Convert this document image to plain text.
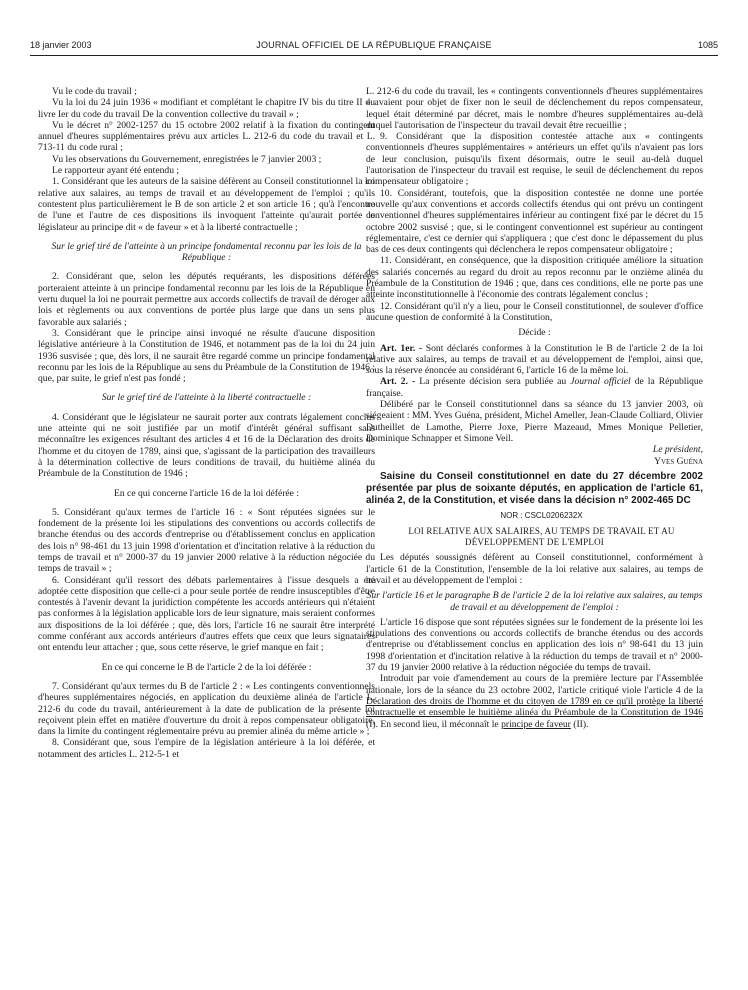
18 janvier 2003	JOURNAL OFFICIEL DE LA RÉPUBLIQUE FRANÇAISE	1085

Vu le code du travail ;

Vu la loi du 24 juin 1936 « modifiant et complétant le chapitre IV bis du titre II du livre Ier du code du travail De la convention collective du travail » ;

Vu le décret n° 2002-1257 du 15 octobre 2002 relatif à la fixation du contingent annuel d'heures supplémentaires prévu aux articles L. 212-6 du code du travail et L. 713-11 du code rural ;

Vu les observations du Gouvernement, enregistrées le 7 janvier 2003 ;

Le rapporteur ayant été entendu ;

1. Considérant que les auteurs de la saisine défèrent au Conseil constitutionnel la loi relative aux salaires, au temps de travail et au développement de l'emploi ; qu'ils contestent plus particulièrement le B de son article 2 et son article 16 ; qu'à l'encontre de l'une et l'autre de ces dispositions ils invoquent l'atteinte qu'aurait portée le législateur au principe dit « de faveur » et à la liberté contractuelle ;

Sur le grief tiré de l'atteinte à un principe fondamental reconnu par les lois de la République :

2. Considérant que, selon les députés requérants, les dispositions déférées porteraient atteinte à un principe fondamental reconnu par les lois de la République en vertu duquel la loi ne pourrait permettre aux accords collectifs de travail de déroger aux lois et règlements ou aux conventions de portée plus large que dans un sens plus favorable aux salariés ;

3. Considérant que le principe ainsi invoqué ne résulte d'aucune disposition législative antérieure à la Constitution de 1946, et notamment pas de la loi du 24 juin 1936 susvisée ; que, dès lors, il ne saurait être regardé comme un principe fondamental reconnu par les lois de la République au sens du Préambule de la Constitution de 1946 ; que, par suite, le grief n'est pas fondé ;

Sur le grief tiré de l'atteinte à la liberté contractuelle :

4. Considérant que le législateur ne saurait porter aux contrats légalement conclus une atteinte qui ne soit justifiée par un motif d'intérêt général suffisant sans méconnaître les exigences résultant des articles 4 et 16 de la Déclaration des droits de l'homme et du citoyen de 1789, ainsi que, s'agissant de la participation des travailleurs à la détermination collective de leurs conditions de travail, du huitième alinéa du Préambule de la Constitution de 1946 ;

En ce qui concerne l'article 16 de la loi déférée :

5. Considérant qu'aux termes de l'article 16 : « Sont réputées signées sur le fondement de la présente loi les stipulations des conventions ou accords collectifs de branche étendus ou des accords d'entreprise ou d'établissement conclus en application des lois n° 98-461 du 13 juin 1998 d'orientation et d'incitation relative à la réduction du temps de travail et n° 2000-37 du 19 janvier 2000 relative à la réduction négociée du temps de travail » ;

6. Considérant qu'il ressort des débats parlementaires à l'issue desquels a été adoptée cette disposition que celle-ci a pour seule portée de rendre insusceptibles d'être contestés à l'avenir devant la juridiction compétente les accords antérieurs qui n'étaient pas conformes à la législation applicable lors de leur signature, mais seraient conformes aux dispositions de la loi déférée ; que, dès lors, l'article 16 ne saurait être interprété comme conférant aux accords antérieurs d'autres effets que ceux que leurs signataires ont entendu leur attacher ; que, sous cette réserve, le grief manque en fait ;

En ce qui concerne le B de l'article 2 de la loi déférée :

7. Considérant qu'aux termes du B de l'article 2 : « Les contingents conventionnels d'heures supplémentaires négociés, en application du deuxième alinéa de l'article L. 212-6 du code du travail, antérieurement à la date de publication de la présente loi reçoivent plein effet en matière d'ouverture du droit à repos compensateur obligatoire, dans la limite du contingent réglementaire prévu au premier alinéa du même article » ;

8. Considérant que, sous l'empire de la législation antérieure à la loi déférée, et notamment des articles L. 212-5-1 et

L. 212-6 du code du travail, les « contingents conventionnels d'heures supplémentaires » avaient pour objet de fixer non le seuil de déclenchement du repos compensateur, lequel était déterminé par décret, mais le nombre d'heures supplémentaires au-delà duquel l'autorisation de l'inspecteur du travail devait être recueillie ;

9. Considérant que la disposition contestée attache aux « contingents conventionnels d'heures supplémentaires » antérieurs un effet qu'ils n'avaient pas lors de leur conclusion, puisqu'ils fixent désormais, outre le seuil au-delà duquel l'autorisation de l'inspecteur du travail est requise, le seuil de déclenchement du repos compensateur obligatoire ;

10. Considérant, toutefois, que la disposition contestée ne donne une portée nouvelle qu'aux conventions et accords collectifs étendus qui ont prévu un contingent conventionnel d'heures supplémentaires inférieur au contingent fixé par le décret du 15 octobre 2002 susvisé ; que, si le contingent conventionnel est supérieur au contingent réglementaire, c'est ce dernier qui s'appliquera ; que c'est donc le dépassement du plus bas de ces deux contingents qui déclenchera le repos compensateur obligatoire ;

11. Considérant, en conséquence, que la disposition critiquée améliore la situation des salariés concernés au regard du droit au repos reconnu par le onzième alinéa du Préambule de la Constitution de 1946 ; que, dans ces conditions, elle ne porte pas une atteinte inconstitutionnelle à l'économie des contrats légalement conclus ;

12. Considérant qu'il n'y a lieu, pour le Conseil constitutionnel, de soulever d'office aucune question de conformité à la Constitution,

Décide :

Art. 1er. - Sont déclarés conformes à la Constitution le B de l'article 2 de la loi relative aux salaires, au temps de travail et au développement de l'emploi, ainsi que, sous la réserve énoncée au considérant 6, l'article 16 de la même loi.

Art. 2. - La présente décision sera publiée au Journal officiel de la République française.

Délibéré par le Conseil constitutionnel dans sa séance du 13 janvier 2003, où siégeaient : MM. Yves Guéna, président, Michel Ameller, Jean-Claude Colliard, Olivier Dutheillet de Lamothe, Pierre Joxe, Pierre Mazeaud, Mmes Monique Pelletier, Dominique Schnapper et Simone Veil.

Le président,

Yves Guéna

Saisine du Conseil constitutionnel en date du 27 décembre 2002 présentée par plus de soixante députés, en application de l'article 61, alinéa 2, de la Constitution, et visée dans la décision n° 2002-465 DC
NOR : CSCL0206232X

LOI RELATIVE AUX SALAIRES, AU TEMPS DE TRAVAIL ET AU DÉVELOPPEMENT DE L'EMPLOI

Les députés soussignés défèrent au Conseil constitutionnel, conformément à l'article 61 de la Constitution, l'ensemble de la loi relative aux salaires, au temps de travail et au développement de l'emploi :

Sur l'article 16 et le paragraphe B de l'article 2 de la loi relative aux salaires, au temps de travail et au développement de l'emploi :

L'article 16 dispose que sont réputées signées sur le fondement de la présente loi les stipulations des conventions ou accords collectifs de branche étendus ou des accords d'entreprise ou d'établissement conclus en application des lois n° 98-641 du 13 juin 1998 d'orientation et d'incitation relative à la réduction du temps de travail et n° 2000-37 du 19 janvier 2000 relative à la réduction négociée du temps de travail.

Introduit par voie d'amendement au cours de la première lecture par l'Assemblée nationale, lors de la séance du 23 octobre 2002, l'article critiqué viole l'article 4 de la Déclaration des droits de l'homme et du citoyen de 1789 en ce qu'il protège la liberté contractuelle et ensemble le huitième alinéa du Préambule de la Constitution de 1946 (I). En second lieu, il méconnaît le principe de faveur (II).
